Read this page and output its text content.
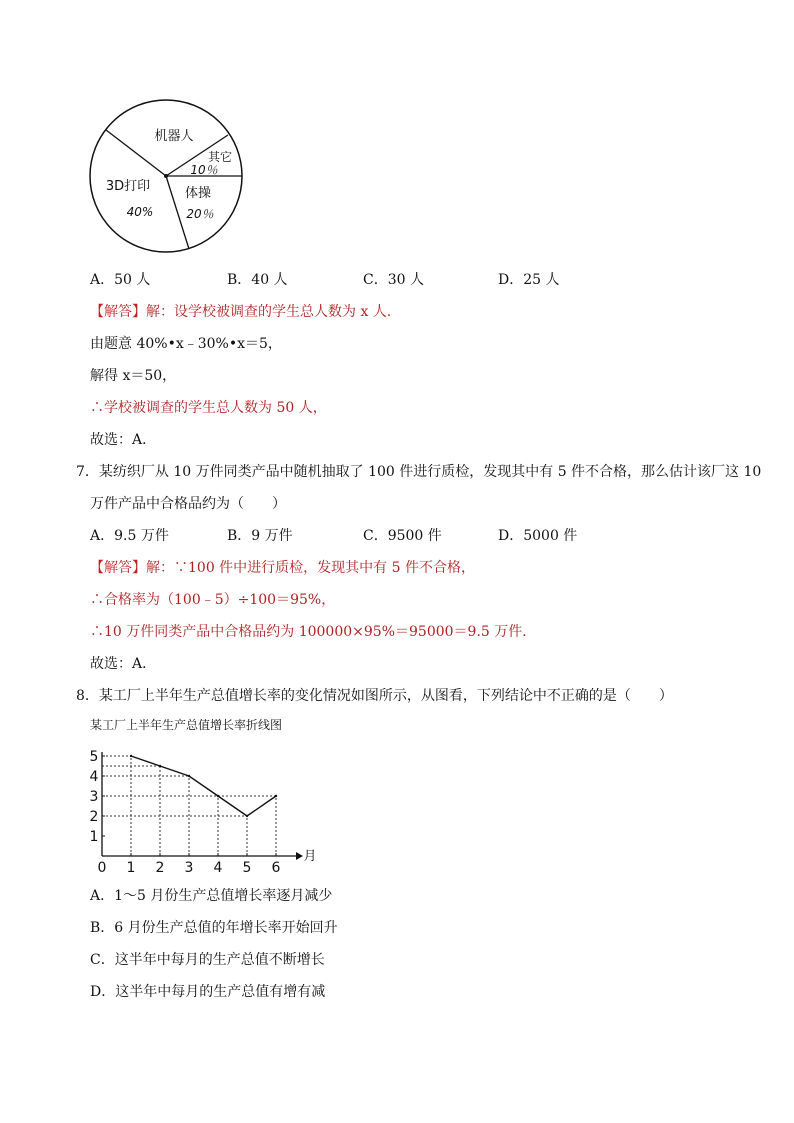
机器人
其它
10％
3D打印
40%
体操
20％
A．50 人	B．40 人	C．30 人	D．25 人
【解答】解：设学校被调查的学生总人数为 x 人.
由题意 40%•x﹣30%•x＝5，
解得 x＝50，
∴学校被调查的学生总人数为 50 人，
故选：A．
7．某纺织厂从 10 万件同类产品中随机抽取了 100 件进行质检，发现其中有 5 件不合格，那么估计该厂这 10
万件产品中合格品约为（　　）
A．9.5 万件	B．9 万件	C．9500 件	D．5000 件
【解答】解：∵100 件中进行质检，发现其中有 5 件不合格，
∴合格率为（100﹣5）÷100＝95%，
∴10 万件同类产品中合格品约为 100000×95%＝95000＝9.5 万件．
故选：A．
8．某工厂上半年生产总值增长率的变化情况如图所示，从图看，下列结论中不正确的是（　　）
某工厂上半年生产总值增长率折线图
0 1 2 3 4 5 6
1
2
3
4
5
月
A．1～5 月份生产总值增长率逐月减少
B．6 月份生产总值的年增长率开始回升
C．这半年中每月的生产总值不断增长
D．这半年中每月的生产总值有增有减
